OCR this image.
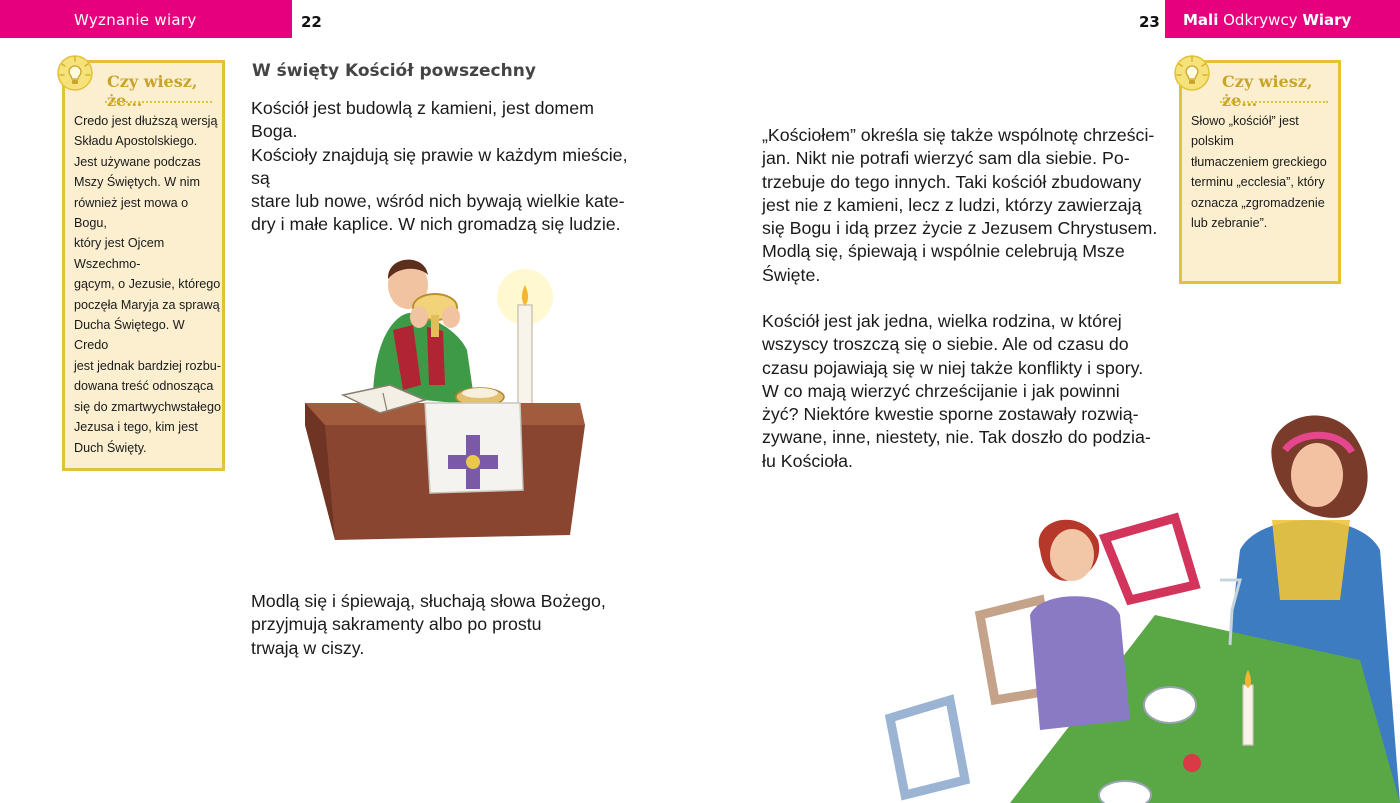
Wyznanie wiary	22	23 Mali Odkrywcy Wiary
Czy wiesz, że…
Credo jest dłuższą wersją
Składu Apostolskiego.
Jest używane podczas
Mszy Świętych. W nim
również jest mowa o Bogu,
który jest Ojcem Wszechmo-
gącym, o Jezusie, którego
poczęła Maryja za sprawą
Ducha Świętego. W Credo
jest jednak bardziej rozbu-
dowana treść odnosząca
się do zmartwychwstałego
Jezusa i tego, kim jest
Duch Święty.
Czy wiesz, że…
Słowo „kościół” jest polskim
tłumaczeniem greckiego
terminu „ecclesia”, który
oznacza „zgromadzenie
lub zebranie”.
W święty Kościół powszechny

Kościół jest budowlą z kamieni, jest domem
Boga.
Kościoły znajdują się prawie w każdym mieście, są
stare lub nowe, wśród nich bywają wielkie kate-
dry i małe kaplice. W nich gromadzą się ludzie.

Modlą się i śpiewają, słuchają słowa Bożego,
przyjmują sakramenty albo po prostu
trwają w ciszy.

„Kościołem” określa się także wspólnotę chrześci-
jan. Nikt nie potrafi wierzyć sam dla siebie. Po-
trzebuje do tego innych. Taki kościół zbudowany
jest nie z kamieni, lecz z ludzi, którzy zawierzają
się Bogu i idą przez życie z Jezusem Chrystusem.
Modlą się, śpiewają i wspólnie celebrują Msze
Święte.

Kościół jest jak jedna, wielka rodzina, w której
wszyscy troszczą się o siebie. Ale od czasu do
czasu pojawiają się w niej także konflikty i spory.
W co mają wierzyć chrześcijanie i jak powinni
żyć? Niektóre kwestie sporne zostawały rozwią-
zywane, inne, niestety, nie. Tak doszło do podzia-
łu Kościoła.
